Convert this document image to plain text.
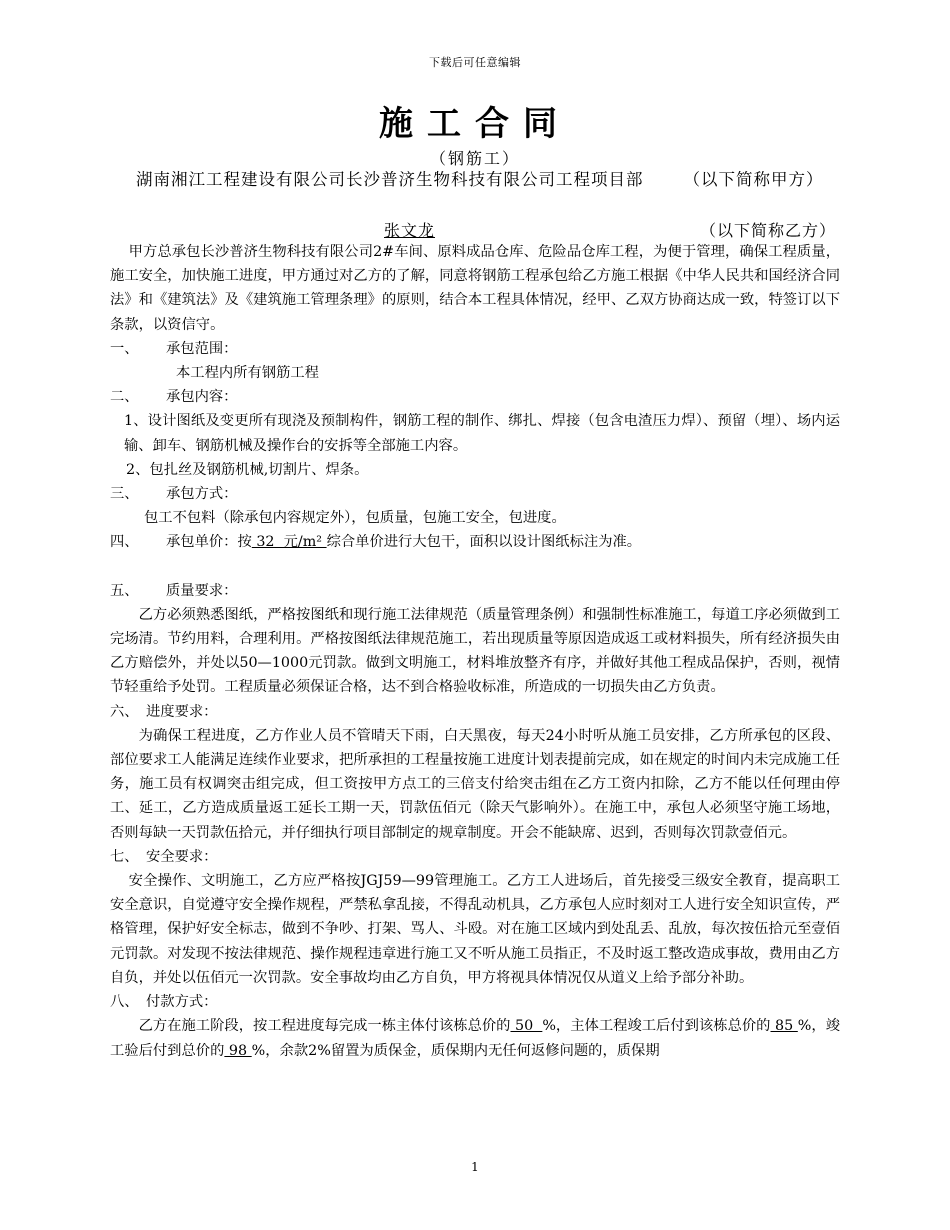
下载后可任意编辑
施工合同
（钢筋工）
湖南湘江工程建设有限公司长沙普济生物科技有限公司工程项目部 （以下简称甲方）
张文龙	（以下简称乙方）

甲方总承包长沙普济生物科技有限公司2#车间、原料成品仓库、危险品仓库工程，为便于管理，确保工程质量，施工安全，加快施工进度，甲方通过对乙方的了解，同意将钢筋工程承包给乙方施工根据《中华人民共和国经济合同法》和《建筑法》及《建筑施工管理条理》的原则，结合本工程具体情况，经甲、乙双方协商达成一致，特签订以下条款，以资信守。

一、	承包范围：

本工程内所有钢筋工程

二、	承包内容：

1、设计图纸及变更所有现浇及预制构件，钢筋工程的制作、绑扎、焊接（包含电渣压力焊）、预留（埋）、场内运输、卸车、钢筋机械及操作台的安拆等全部施工内容。

2、包扎丝及钢筋机械,切割片、焊条。

三、	承包方式：

包工不包料（除承包内容规定外），包质量，包施工安全，包进度。

四、	承包单价：按 32  元/m² 综合单价进行大包干，面积以设计图纸标注为准。
五、	质量要求：

乙方必须熟悉图纸，严格按图纸和现行施工法律规范（质量管理条例）和强制性标准施工，每道工序必须做到工完场清。节约用料，合理利用。严格按图纸法律规范施工，若出现质量等原因造成返工或材料损失，所有经济损失由乙方赔偿外，并处以50—1000元罚款。做到文明施工，材料堆放整齐有序，并做好其他工程成品保护，否则，视情节轻重给予处罚。工程质量必须保证合格，达不到合格验收标准，所造成的一切损失由乙方负责。

六、 进度要求：

为确保工程进度，乙方作业人员不管晴天下雨，白天黑夜，每天24小时听从施工员安排，乙方所承包的区段、部位要求工人能满足连续作业要求，把所承担的工程量按施工进度计划表提前完成，如在规定的时间内未完成施工任务，施工员有权调突击组完成，但工资按甲方点工的三倍支付给突击组在乙方工资内扣除，乙方不能以任何理由停工、延工，乙方造成质量返工延长工期一天，罚款伍佰元（除天气影响外）。在施工中，承包人必须坚守施工场地，否则每缺一天罚款伍拾元，并仔细执行项目部制定的规章制度。开会不能缺席、迟到，否则每次罚款壹佰元。

七、 安全要求：

安全操作、文明施工，乙方应严格按JGJ59—99管理施工。乙方工人进场后，首先接受三级安全教育，提高职工安全意识，自觉遵守安全操作规程，严禁私拿乱接，不得乱动机具，乙方承包人应时刻对工人进行安全知识宣传，严格管理，保护好安全标志，做到不争吵、打架、骂人、斗殴。对在施工区域内到处乱丢、乱放，每次按伍拾元至壹佰元罚款。对发现不按法律规范、操作规程违章进行施工又不听从施工员指正，不及时返工整改造成事故，费用由乙方自负，并处以伍佰元一次罚款。安全事故均由乙方自负，甲方将视具体情况仅从道义上给予部分补助。

八、 付款方式：

乙方在施工阶段，按工程进度每完成一栋主体付该栋总价的 50  %，主体工程竣工后付到该栋总价的 85 %，竣工验后付到总价的 98 %，余款2%留置为质保金，质保期内无任何返修问题的，质保期

1
